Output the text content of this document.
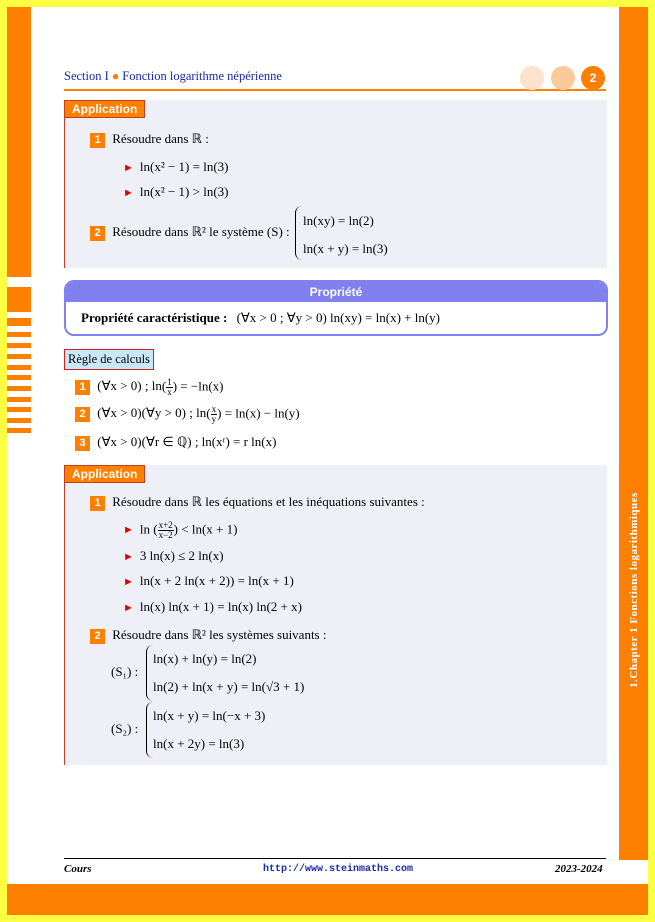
1.Chapter 1 Fonctions logarithmiques
Section I ● Fonction logarithme népérienne	2
Application
1 Résoudre dans ℝ :
► ln(x² − 1) = ln(3)
► ln(x² − 1) > ln(3)
2 Résoudre dans ℝ² le système (S) :
ln(xy) = ln(2)
ln(x + y) = ln(3)
Propriété
Propriété caractéristique : (∀x > 0 ; ∀y > 0) ln(xy) = ln(x) + ln(y)
Règle de calculs
1 (∀x > 0) ; $\ln( \frac{1}{x}$ ) = −ln(x)
2 (∀x > 0)(∀y > 0) ; $\ln( \frac{x}{y}$ ) = ln(x) − ln(y)
3 (∀x > 0)(∀r ∈ ℚ) ; ln(xʳ) = r ln(x)
Application
1 Résoudre dans ℝ les équations et les inéquations suivantes :
► ln ( $\frac{x+2}{x-2}$ ) < ln(x + 1)
► 3 ln(x) ≤ 2 ln(x)
► ln(x + 2 ln(x + 2)) = ln(x + 1)
► ln(x) ln(x + 1) = ln(x) ln(2 + x)
2 Résoudre dans ℝ² les systèmes suivants :
(S₁) :
ln(x) + ln(y) = ln(2)
ln(2) + ln(x + y) = ln(√3 + 1)
(S₂) :
ln(x + y) = ln(−x + 3)
ln(x + 2y) = ln(3)
Cours	http://www.steinmaths.com	2023-2024
